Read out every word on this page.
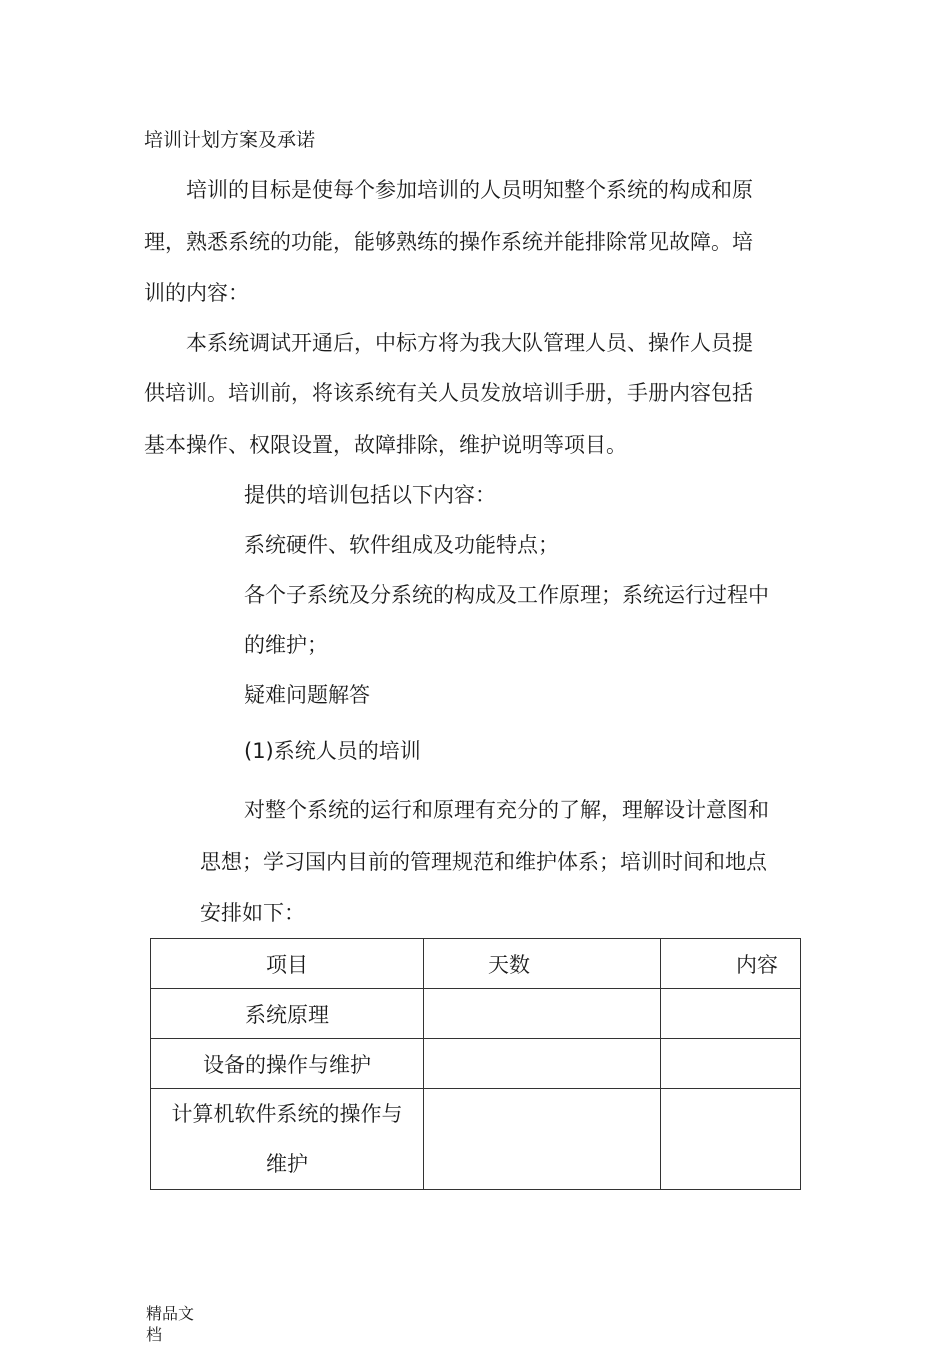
培训计划方案及承诺
培训的目标是使每个参加培训的人员明知整个系统的构成和原
理，熟悉系统的功能，能够熟练的操作系统并能排除常见故障。培
训的内容：
本系统调试开通后，中标方将为我大队管理人员、操作人员提
供培训。培训前，将该系统有关人员发放培训手册，手册内容包括
基本操作、权限设置，故障排除，维护说明等项目。
提供的培训包括以下内容：
系统硬件、软件组成及功能特点；
各个子系统及分系统的构成及工作原理；系统运行过程中
的维护；
疑难问题解答
(1)系统人员的培训
对整个系统的运行和原理有充分的了解，理解设计意图和
思想；学习国内目前的管理规范和维护体系；培训时间和地点
安排如下：
项目	天数	内容
系统原理		
设备的操作与维护		

计算机软件系统的操作与
维护		

精品文档
